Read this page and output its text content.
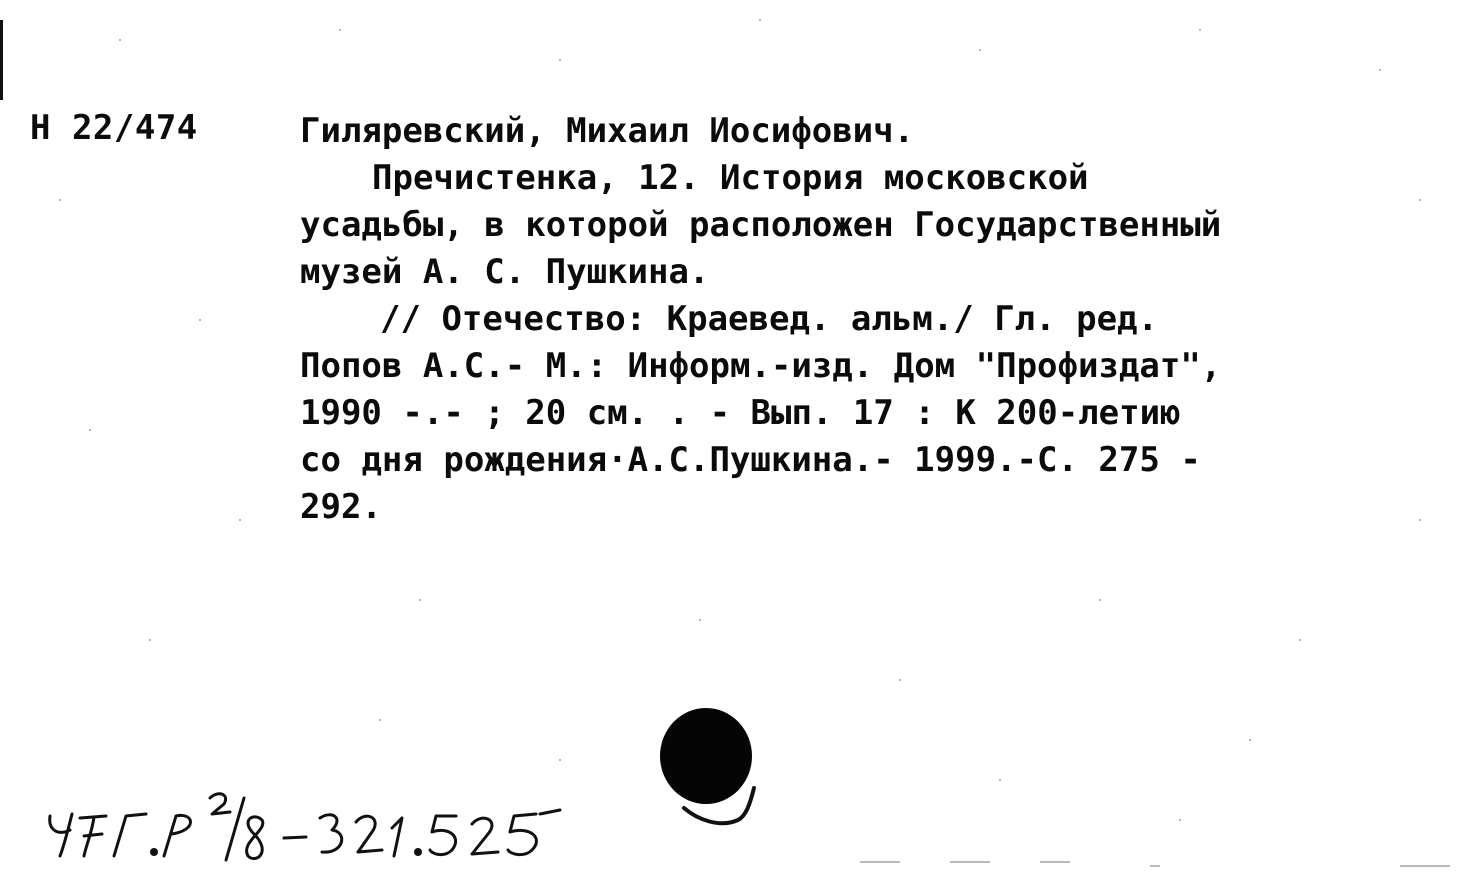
Н 22/474	Гиляревский, Михаил Иосифович.
Пречистенка, 12. История московской
усадьбы, в которой расположен Государственный
музей А. С. Пушкина.
// Отечество: Краевед. альм./ Гл. ред.
Попов А.С.- М.: Информ.-изд. Дом "Профиздат",
1990 -.- ; 20 см. . - Вып. 17 : К 200-летию
со дня рождения·А.С.Пушкина.- 1999.-С. 275 -
292.
ЧТГ.Р 2/8-321.525
